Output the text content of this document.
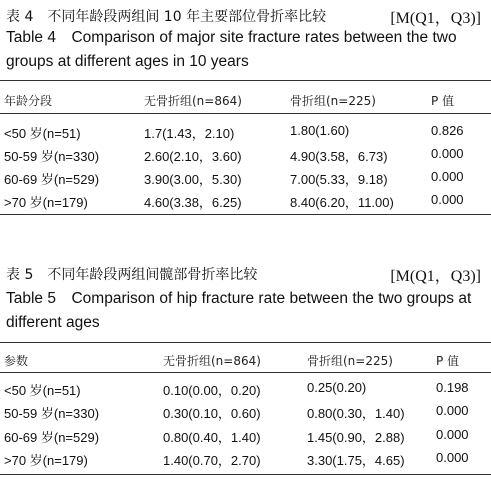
表 4　不同年龄段两组间 10 年主要部位骨折率比较	[M(Q1，Q3)]
Table 4　Comparison of major site fracture rates between the two groups at different ages in 10 years
年龄分段	无骨折组(n=864)	骨折组(n=225)	P 值
<50 岁(n=51)	1.7(1.43，2.10)	1.80(1.60)	0.826
50-59 岁(n=330)	2.60(2.10，3.60)	4.90(3.58，6.73)	0.000
60-69 岁(n=529)	3.90(3.00，5.30)	7.00(5.33，9.18)	0.000
>70 岁(n=179)	4.60(3.38，6.25)	8.40(6.20，11.00)	0.000
表 5　不同年龄段两组间髋部骨折率比较	[M(Q1，Q3)]
Table 5　Comparison of hip fracture rate between the two groups at different ages
参数	无骨折组(n=864)	骨折组(n=225)	P 值
<50 岁(n=51)	0.10(0.00，0.20)	0.25(0.20)	0.198
50-59 岁(n=330)	0.30(0.10，0.60)	0.80(0.30，1.40) 0.000
60-69 岁(n=529)	0.80(0.40，1.40)	1.45(0.90，2.88) 0.000
>70 岁(n=179)	1.40(0.70，2.70)	3.30(1.75，4.65) 0.000
